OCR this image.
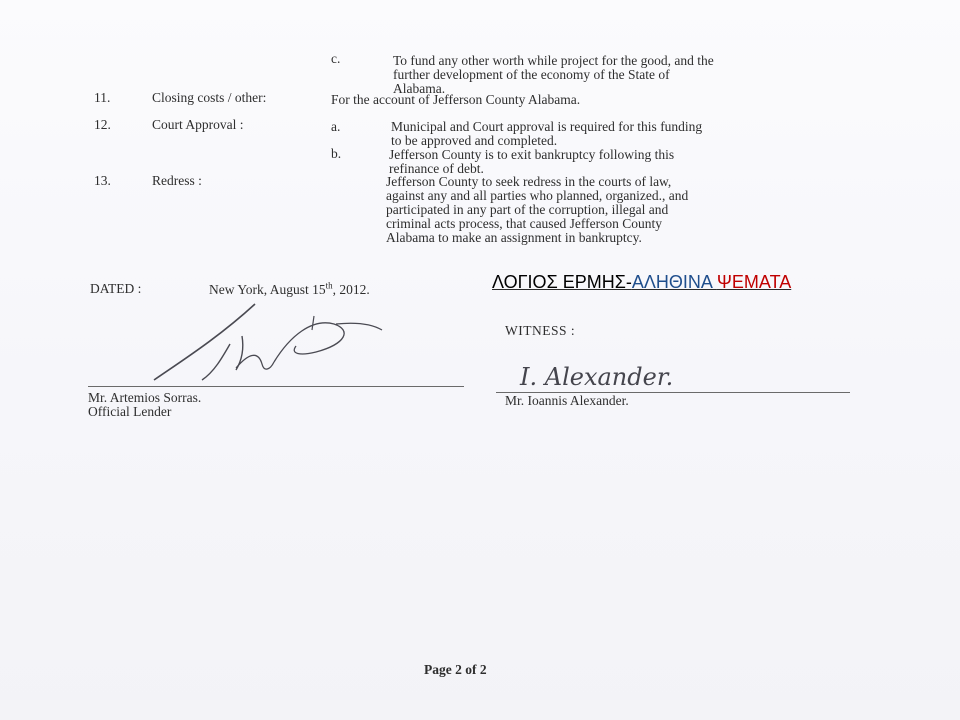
c.	To fund any other worth while project for the good, and the
further development of the economy of the State of
Alabama.
11.	Closing costs / other:	For the account of Jefferson County Alabama.
12.	Court Approval :	a.	Municipal and Court approval is required for this funding
to be approved and completed.
b.	Jefferson County is to exit bankruptcy following this
refinance of debt.
13.	Redress :	Jefferson County to seek redress in the courts of law,
against any and all parties who planned, organized., and
participated in any part of the corruption, illegal and
criminal acts process, that caused Jefferson County
Alabama to make an assignment in bankruptcy.
DATED :	New York, August 15th, 2012.	ΛΟΓΙΟΣ ΕΡΜΗΣ-ΑΛΗΘΙΝΑ ΨΕΜΑΤΑ
Mr. Artemios Sorras.
Official Lender
WITNESS :
I. Alexander.
Mr. Ioannis Alexander.
Page 2 of 2
